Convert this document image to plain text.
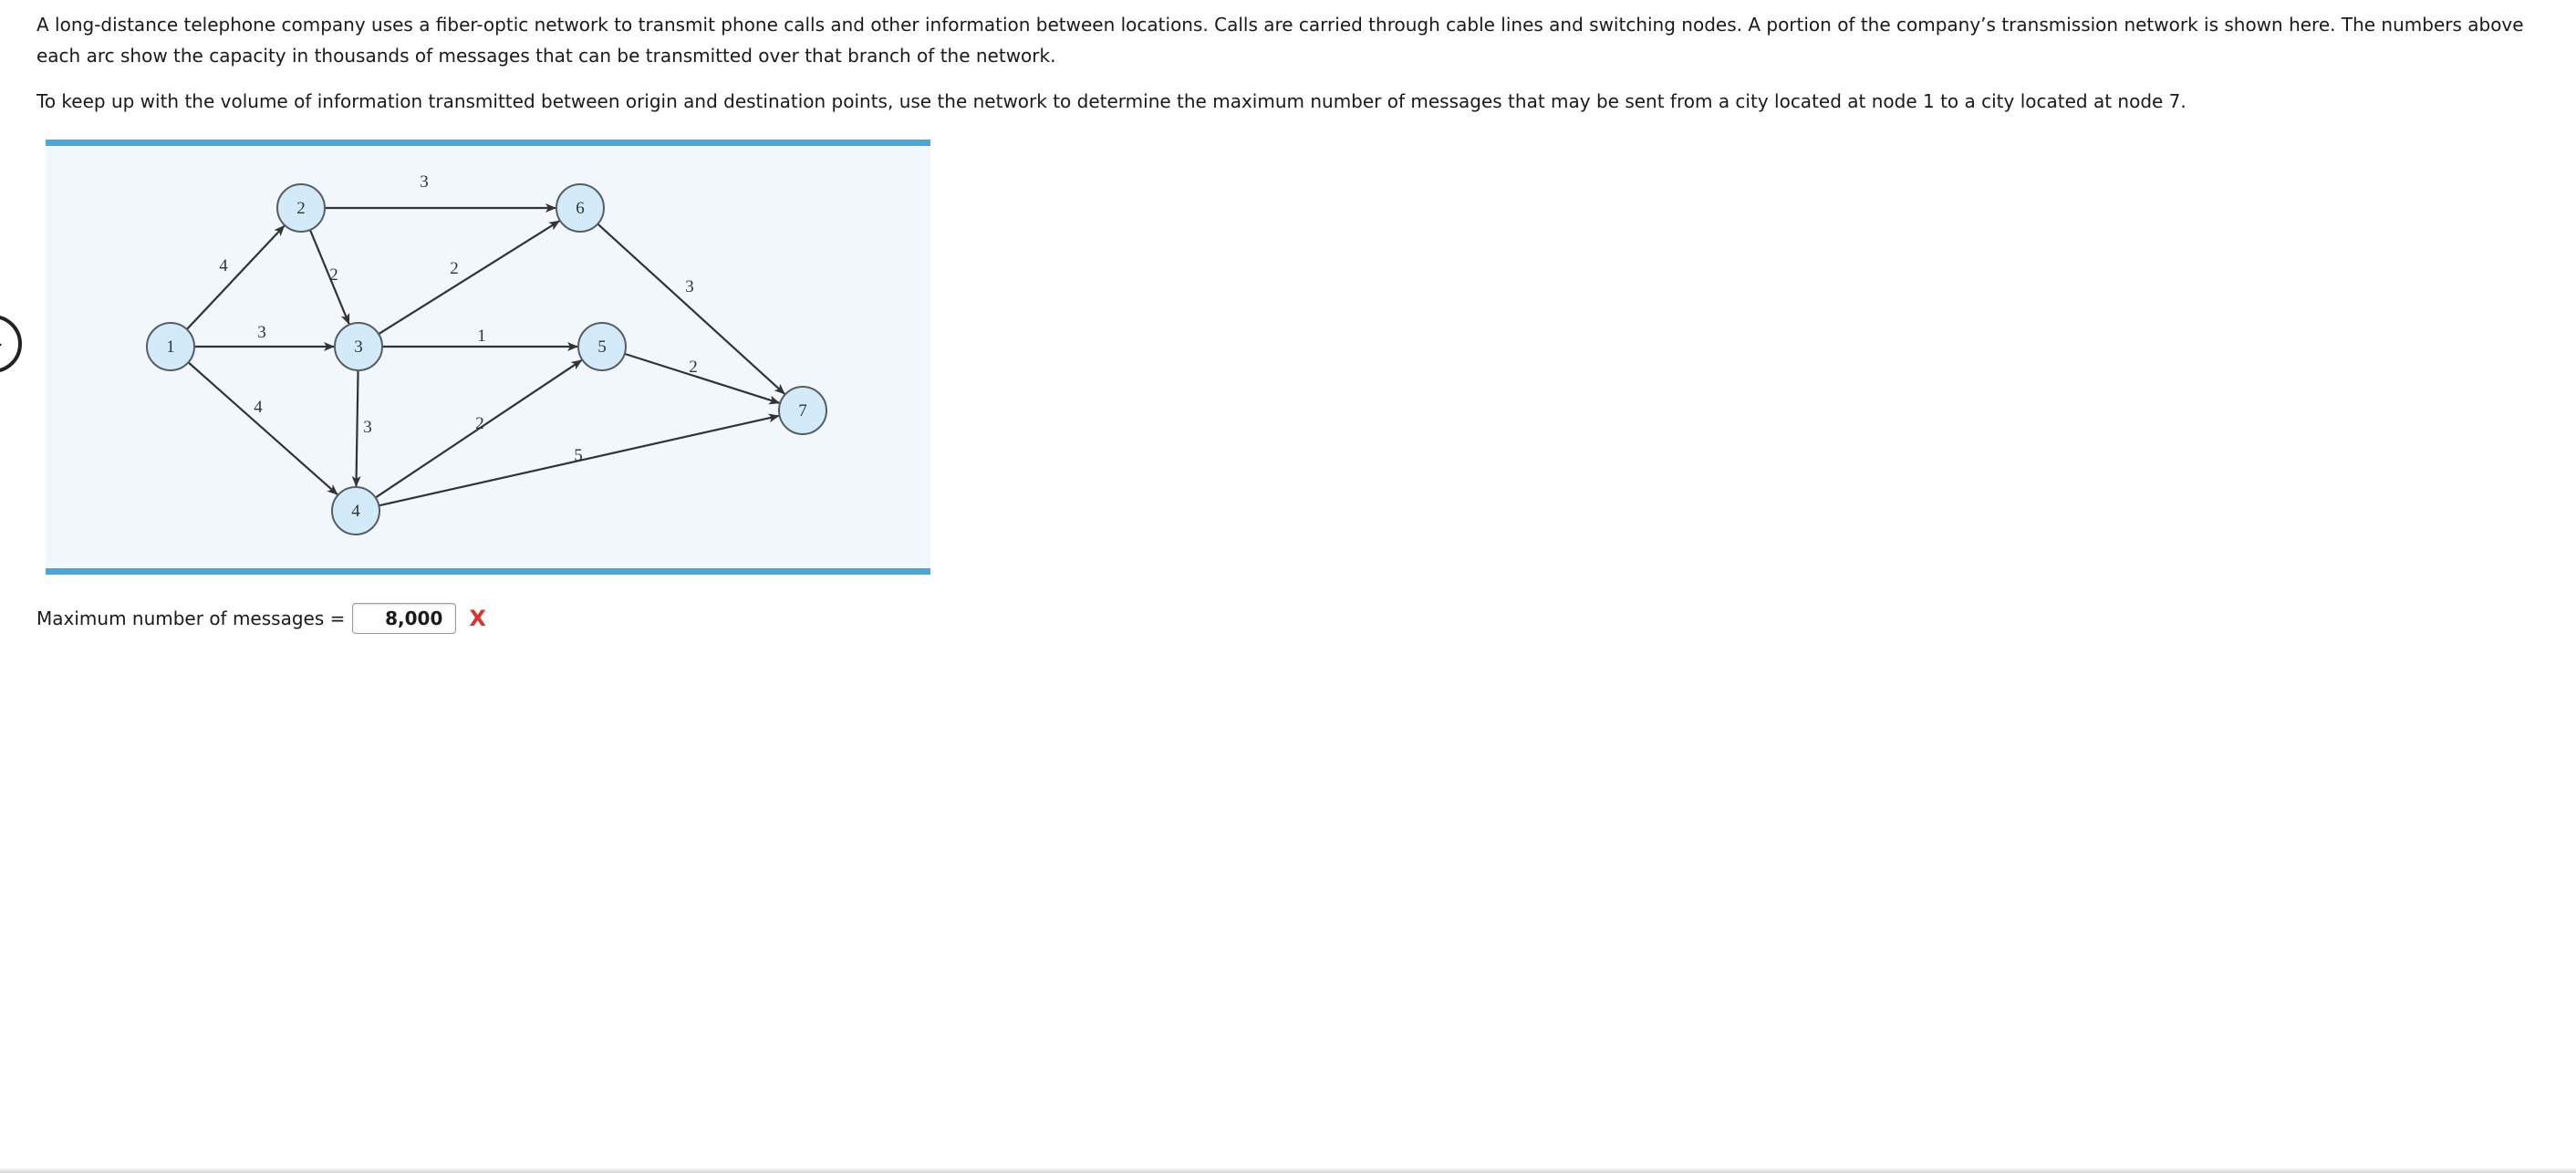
A long-distance telephone company uses a fiber-optic network to transmit phone calls and other information between locations. Calls are carried through cable lines and switching nodes. A portion of the company’s transmission network is shown here. The numbers above each arc show the capacity in thousands of messages that can be transmitted over that branch of the network.

To keep up with the volume of information transmitted between origin and destination points, use the network to determine the maximum number of messages that may be sent from a city located at node 1 to a city located at node 7.

4
3
4
3
2	2
1
3	2
5
2
3
1
2
3
4
5
6
7
Maximum number of messages =
8,000	X
